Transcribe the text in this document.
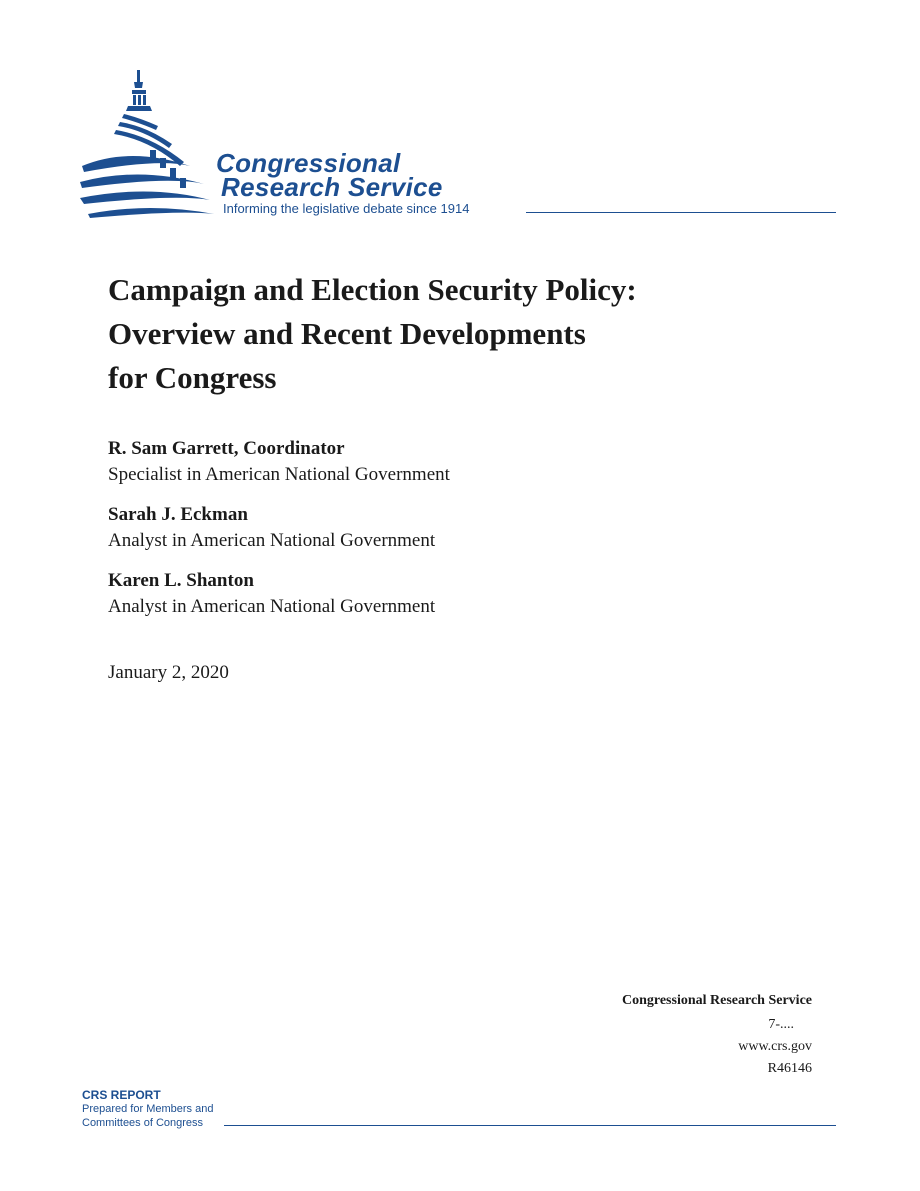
Congressional
Research Service
Informing the legislative debate since 1914
Campaign and Election Security Policy:
Overview and Recent Developments
for Congress
R. Sam Garrett, Coordinator
Specialist in American National Government
Sarah J. Eckman
Analyst in American National Government
Karen L. Shanton
Analyst in American National Government
January 2, 2020
Congressional Research Service
7-....
www.crs.gov
R46146
CRS REPORT
Prepared for Members and
Committees of Congress
